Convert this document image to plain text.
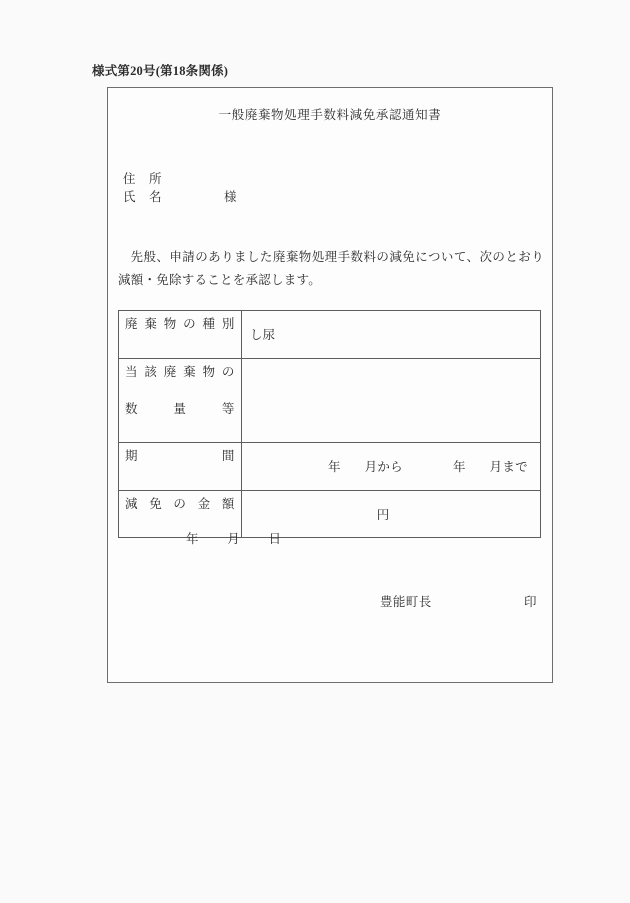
様式第20号(第18条関係)
一般廃棄物処理手数料減免承認通知書
住　所
氏　名	様
先般、申請のありました廃棄物処理手数料の減免について、次のとおり減額・免除することを承認します。
廃棄物の種別	し尿

当該廃棄物の
数　量　等	

期　間	年 月から 年 月まで

減免の金額	円
年 月 日
豊能町長	印
